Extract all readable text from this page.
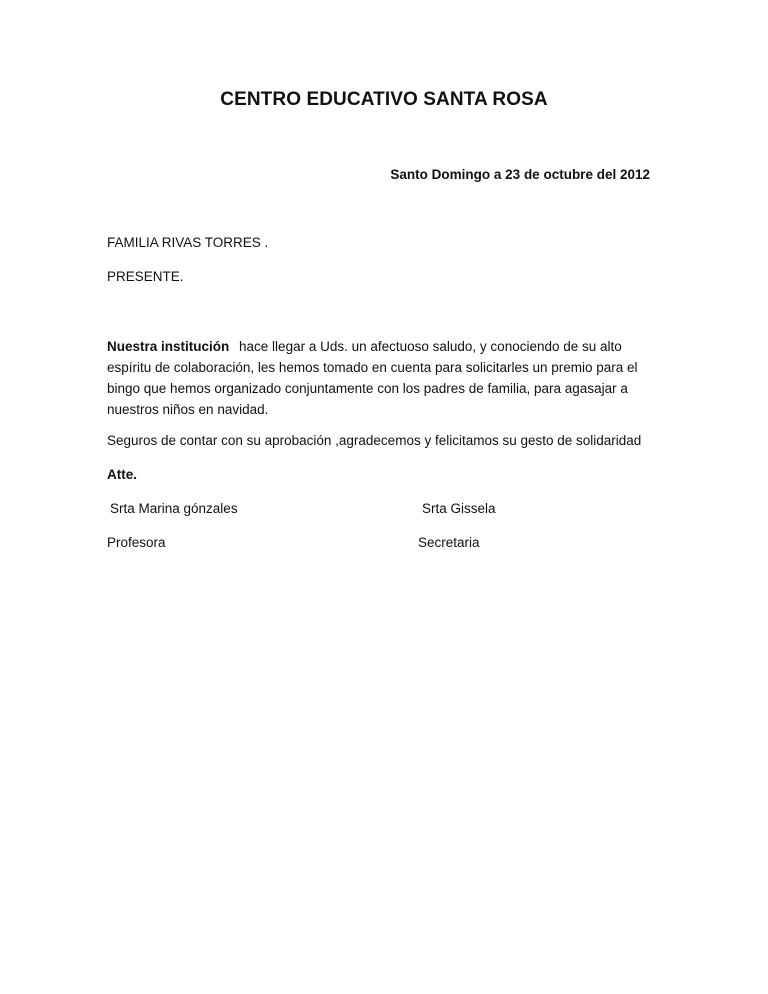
CENTRO EDUCATIVO SANTA ROSA
Santo Domingo a 23 de octubre del 2012
FAMILIA RIVAS TORRES .
PRESENTE.

Nuestra institución hace llegar a Uds. un afectuoso saludo, y conociendo de su alto espíritu de colaboración, les hemos tomado en cuenta para solicitarles un premio para el bingo que hemos organizado conjuntamente con los padres de familia, para agasajar a nuestros niños en navidad.

Seguros de contar con su aprobación ,agradecemos y felicitamos su gesto de solidaridad
Atte.
Srta Marina gónzales	Srta Gissela
Profesora	Secretaria
